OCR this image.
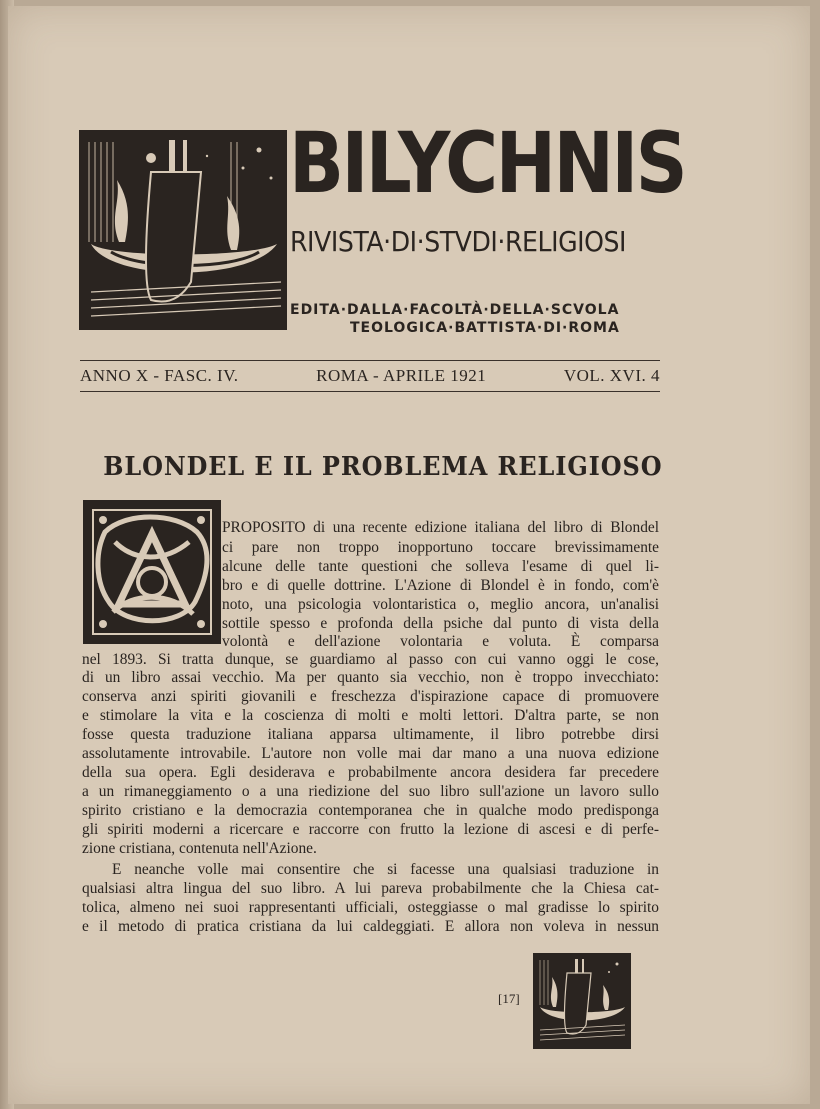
BILYCHNIS
RIVISTA·DI·STVDI·RELIGIOSI
EDITA·DALLA·FACOLTÀ·DELLA·SCVOLA
TEOLOGICA·BATTISTA·DI·ROMA
ANNO X - FASC. IV.	ROMA - APRILE 1921	VOL. XVI. 4
BLONDEL E IL PROBLEMA RELIGIOSO
PROPOSITO di una recente edizione italiana del libro di Blondel
ci pare non troppo inopportuno toccare brevissimamente
alcune delle tante questioni che solleva l'esame di quel li-
bro e di quelle dottrine. L'Azione di Blondel è in fondo, com'è
noto, una psicologia volontaristica o, meglio ancora, un'analisi
sottile spesso e profonda della psiche dal punto di vista della
volontà e dell'azione volontaria e voluta. È comparsa
nel 1893. Si tratta dunque, se guardiamo al passo con cui vanno oggi le cose,
di un libro assai vecchio. Ma per quanto sia vecchio, non è troppo invecchiato:
conserva anzi spiriti giovanili e freschezza d'ispirazione capace di promuovere
e stimolare la vita e la coscienza di molti e molti lettori. D'altra parte, se non
fosse questa traduzione italiana apparsa ultimamente, il libro potrebbe dirsi
assolutamente introvabile. L'autore non volle mai dar mano a una nuova edizione
della sua opera. Egli desiderava e probabilmente ancora desidera far precedere
a un rimaneggiamento o a una riedizione del suo libro sull'azione un lavoro sullo
spirito cristiano e la democrazia contemporanea che in qualche modo predisponga
gli spiriti moderni a ricercare e raccorre con frutto la lezione di ascesi e di perfe-
zione cristiana, contenuta nell'Azione.
E neanche volle mai consentire che si facesse una qualsiasi traduzione in
qualsiasi altra lingua del suo libro. A lui pareva probabilmente che la Chiesa cat-
tolica, almeno nei suoi rappresentanti ufficiali, osteggiasse o mal gradisse lo spirito
e il metodo di pratica cristiana da lui caldeggiati. E allora non voleva in nessun
[17]
